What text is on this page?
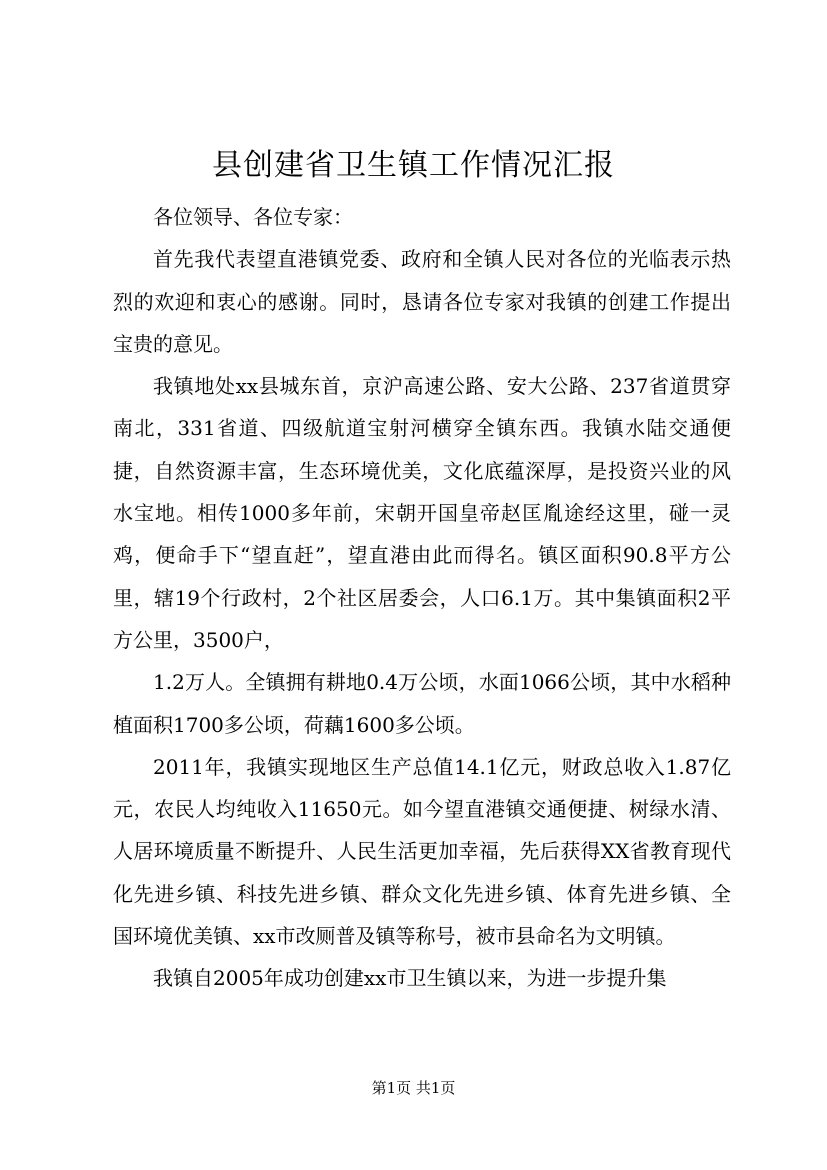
县创建省卫生镇工作情况汇报

各位领导、各位专家：

首先我代表望直港镇党委、政府和全镇人民对各位的光临表示热烈的欢迎和衷心的感谢。同时，恳请各位专家对我镇的创建工作提出宝贵的意见。

我镇地处xx县城东首，京沪高速公路、安大公路、237省道贯穿南北，331省道、四级航道宝射河横穿全镇东西。我镇水陆交通便捷，自然资源丰富，生态环境优美，文化底蕴深厚，是投资兴业的风水宝地。相传1000多年前，宋朝开国皇帝赵匡胤途经这里，碰一灵鸡，便命手下“望直赶”，望直港由此而得名。镇区面积90.8平方公里，辖19个行政村，2个社区居委会，人口6.1万。其中集镇面积2平方公里，3500户，

1.2万人。全镇拥有耕地0.4万公顷，水面1066公顷，其中水稻种植面积1700多公顷，荷藕1600多公顷。

2011年，我镇实现地区生产总值14.1亿元，财政总收入1.87亿元，农民人均纯收入11650元。如今望直港镇交通便捷、树绿水清、人居环境质量不断提升、人民生活更加幸福，先后获得XX省教育现代化先进乡镇、科技先进乡镇、群众文化先进乡镇、体育先进乡镇、全国环境优美镇、xx市改厕普及镇等称号，被市县命名为文明镇。

我镇自2005年成功创建xx市卫生镇以来，为进一步提升集

第1页 共1页
